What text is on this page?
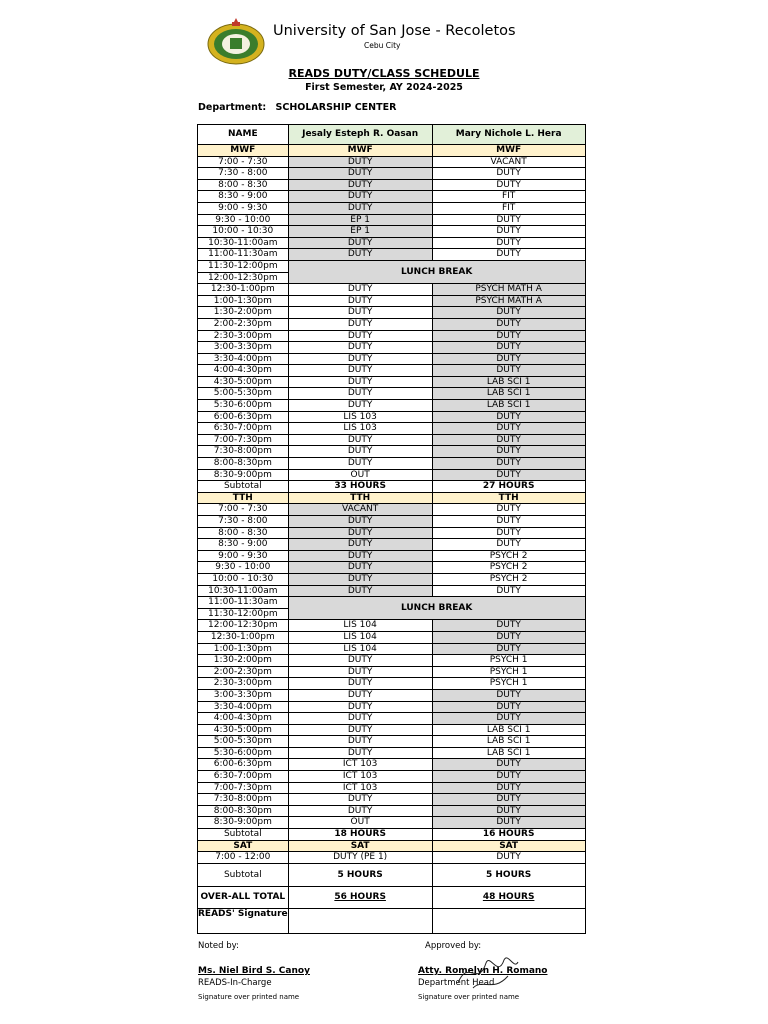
University of San Jose - Recoletos
Cebu City
READS DUTY/CLASS SCHEDULE
First Semester, AY 2024-2025
Department: SCHOLARSHIP CENTER
NAME	Jesaly Esteph R. Oasan	Mary Nichole L. Hera
MWF	MWF	MWF
7:00 - 7:30	DUTY	VACANT
7:30 - 8:00	DUTY	DUTY
8:00 - 8:30	DUTY	DUTY
8:30 - 9:00	DUTY	FIT
9:00 - 9:30	DUTY	FIT
9:30 - 10:00	EP 1	DUTY
10:00 - 10:30	EP 1	DUTY
10:30-11:00am	DUTY	DUTY
11:00-11:30am	DUTY	DUTY
11:30-12:00pm	LUNCH BREAK	
12:00-12:30pm		
12:30-1:00pm	DUTY	PSYCH MATH A
1:00-1:30pm	DUTY	PSYCH MATH A
1:30-2:00pm	DUTY	DUTY
2:00-2:30pm	DUTY	DUTY
2:30-3:00pm	DUTY	DUTY
3:00-3:30pm	DUTY	DUTY
3:30-4:00pm	DUTY	DUTY
4:00-4:30pm	DUTY	DUTY
4:30-5:00pm	DUTY	LAB SCI 1
5:00-5:30pm	DUTY	LAB SCI 1
5:30-6:00pm	DUTY	LAB SCI 1
6:00-6:30pm	LIS 103	DUTY
6:30-7:00pm	LIS 103	DUTY
7:00-7:30pm	DUTY	DUTY
7:30-8:00pm	DUTY	DUTY
8:00-8:30pm	DUTY	DUTY
8:30-9:00pm	OUT	DUTY
Subtotal	33 HOURS	27 HOURS
TTH	TTH	TTH
7:00 - 7:30	VACANT	DUTY
7:30 - 8:00	DUTY	DUTY
8:00 - 8:30	DUTY	DUTY
8:30 - 9:00	DUTY	DUTY
9:00 - 9:30	DUTY	PSYCH 2
9:30 - 10:00	DUTY	PSYCH 2
10:00 - 10:30	DUTY	PSYCH 2
10:30-11:00am	DUTY	DUTY
11:00-11:30am	LUNCH BREAK	
11:30-12:00pm		
12:00-12:30pm	LIS 104	DUTY
12:30-1:00pm	LIS 104	DUTY
1:00-1:30pm	LIS 104	DUTY
1:30-2:00pm	DUTY	PSYCH 1
2:00-2:30pm	DUTY	PSYCH 1
2:30-3:00pm	DUTY	PSYCH 1
3:00-3:30pm	DUTY	DUTY
3:30-4:00pm	DUTY	DUTY
4:00-4:30pm	DUTY	DUTY
4:30-5:00pm	DUTY	LAB SCI 1
5:00-5:30pm	DUTY	LAB SCI 1
5:30-6:00pm	DUTY	LAB SCI 1
6:00-6:30pm	ICT 103	DUTY
6:30-7:00pm	ICT 103	DUTY
7:00-7:30pm	ICT 103	DUTY
7:30-8:00pm	DUTY	DUTY
8:00-8:30pm	DUTY	DUTY
8:30-9:00pm	OUT	DUTY
Subtotal	18 HOURS	16 HOURS
SAT	SAT	SAT
7:00 - 12:00	DUTY (PE 1)	DUTY
Subtotal	5 HOURS	5 HOURS
OVER-ALL TOTAL	56 HOURS	48 HOURS
READS' Signature		
Noted by:	Approved by:
Ms. Niel Bird S. Canoy
READS-In-Charge
Signature over printed name
Atty. Romelyn H. Romano
Department Head
Signature over printed name
